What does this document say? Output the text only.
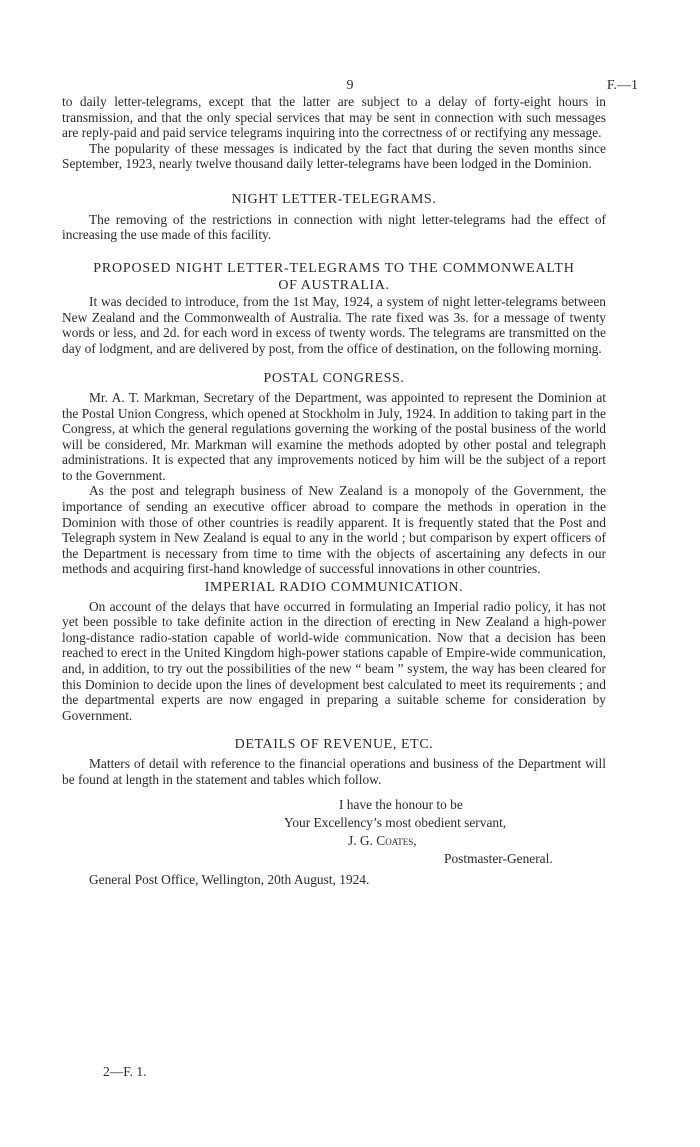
9	F.—1

to daily letter-telegrams, except that the latter are subject to a delay of forty-eight hours in transmission, and that the only special services that may be sent in connection with such messages are reply-paid and paid service telegrams inquiring into the correctness of or rectifying any message.

The popularity of these messages is indicated by the fact that during the seven months since September, 1923, nearly twelve thousand daily letter-telegrams have been lodged in the Dominion.

NIGHT LETTER-TELEGRAMS.

The removing of the restrictions in connection with night letter-telegrams had the effect of increasing the use made of this facility.

PROPOSED NIGHT LETTER-TELEGRAMS TO THE COMMONWEALTH

OF AUSTRALIA.

It was decided to introduce, from the 1st May, 1924, a system of night letter-telegrams between New Zealand and the Commonwealth of Australia. The rate fixed was 3s. for a message of twenty words or less, and 2d. for each word in excess of twenty words. The telegrams are transmitted on the day of lodgment, and are delivered by post, from the office of destination, on the following morning.

POSTAL CONGRESS.

Mr. A. T. Markman, Secretary of the Department, was appointed to represent the Dominion at the Postal Union Congress, which opened at Stockholm in July, 1924. In addition to taking part in the Congress, at which the general regulations governing the working of the postal business of the world will be considered, Mr. Markman will examine the methods adopted by other postal and telegraph administrations. It is expected that any improvements noticed by him will be the subject of a report to the Government.

As the post and telegraph business of New Zealand is a monopoly of the Government, the importance of sending an executive officer abroad to compare the methods in operation in the Dominion with those of other countries is readily apparent. It is frequently stated that the Post and Telegraph system in New Zealand is equal to any in the world ; but comparison by expert officers of the Department is necessary from time to time with the objects of ascertaining any defects in our methods and acquiring first-hand knowledge of successful innovations in other countries.

IMPERIAL RADIO COMMUNICATION.

On account of the delays that have occurred in formulating an Imperial radio policy, it has not yet been possible to take definite action in the direction of erecting in New Zealand a high-power long-distance radio-station capable of world-wide communication. Now that a decision has been reached to erect in the United Kingdom high-power stations capable of Empire-wide communication, and, in addition, to try out the possibilities of the new “ beam ” system, the way has been cleared for this Dominion to decide upon the lines of development best calculated to meet its requirements ; and the departmental experts are now engaged in preparing a suitable scheme for consideration by Government.

DETAILS OF REVENUE, ETC.

Matters of detail with reference to the financial operations and business of the Department will be found at length in the statement and tables which follow.

I have the honour to be
Your Excellency’s most obedient servant,
J. G. Coates,
Postmaster-General.
General Post Office, Wellington, 20th August, 1924.
2—F. 1.
